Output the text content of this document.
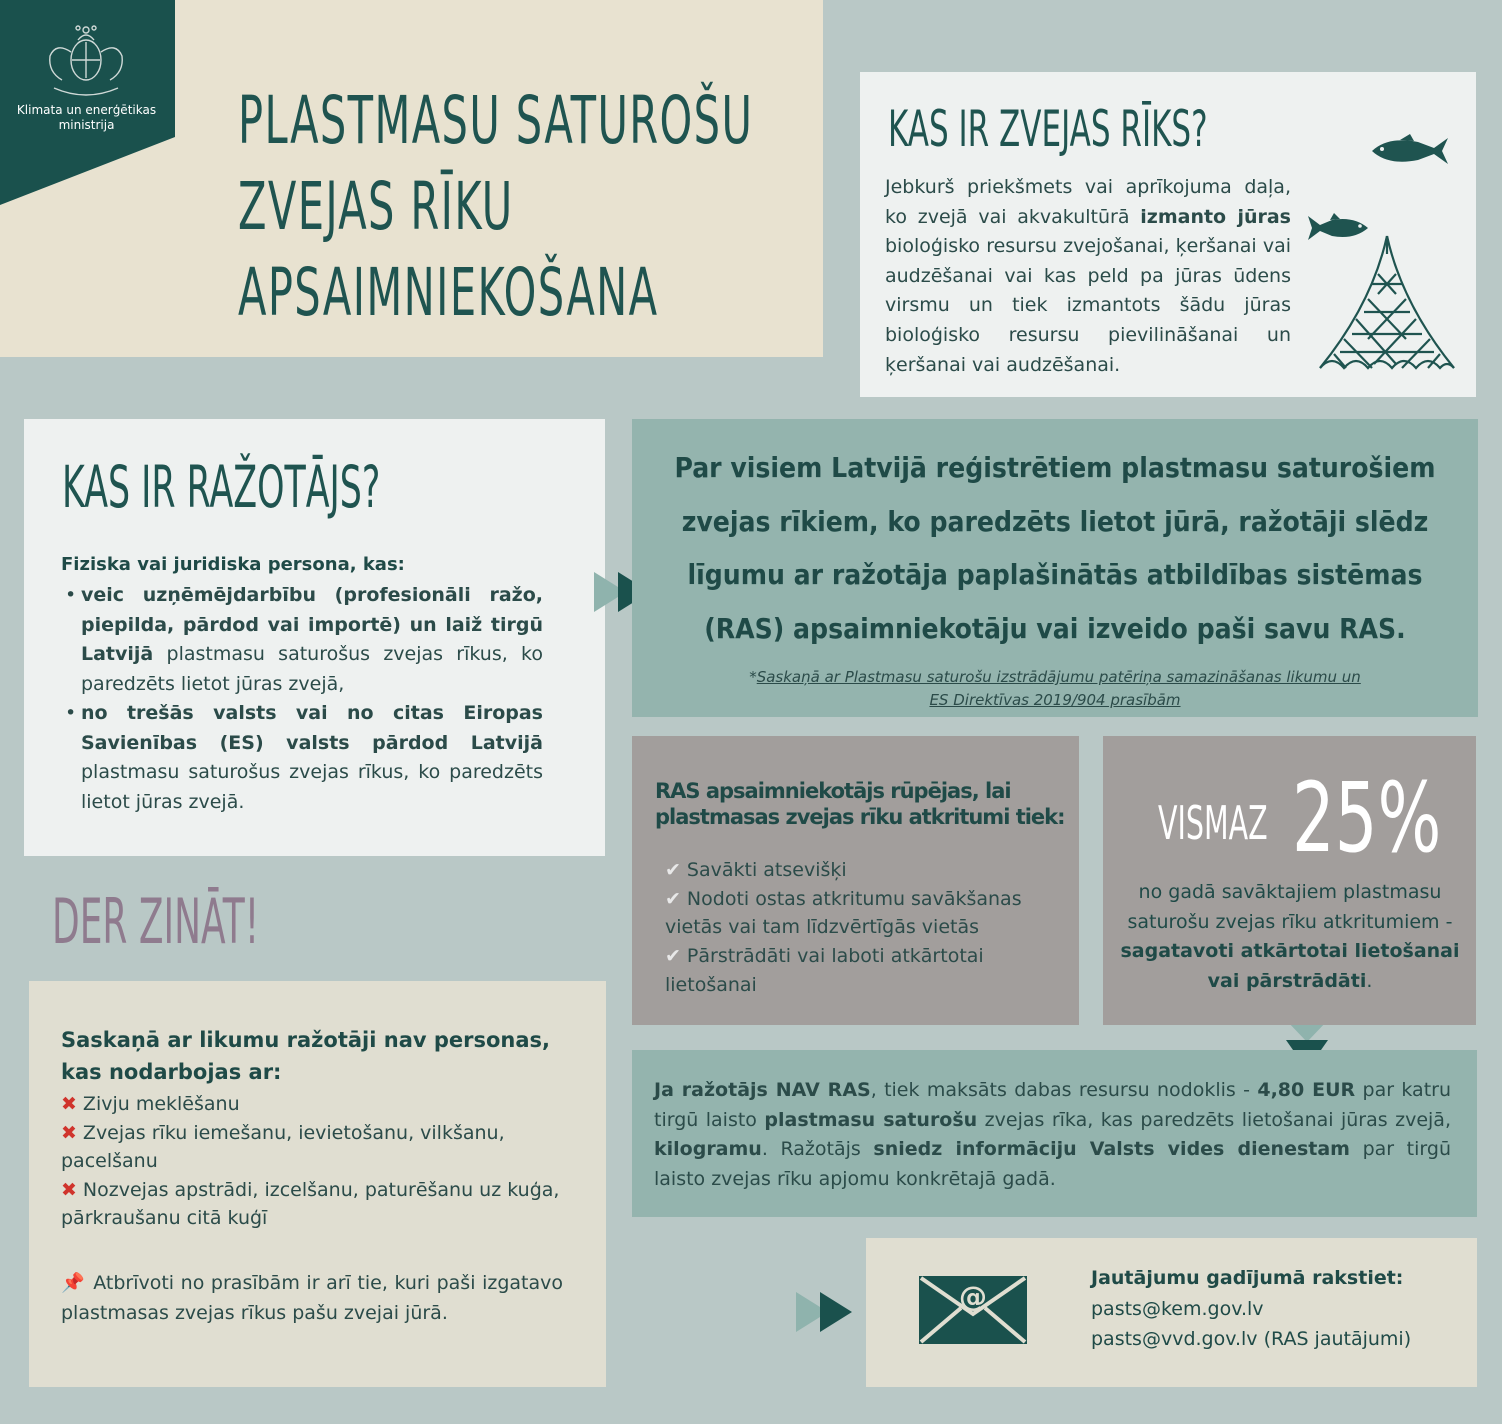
Klimata un enerģētikas ministrija	PLASTMASU SATUROŠU
ZVEJAS RĪKU
APSAIMNIEKOŠANA
KAS IR ZVEJAS RĪKS?
Jebkurš priekšmets vai aprīkojuma daļa, ko zvejā vai akvakultūrā izmanto jūras bioloģisko resursu zvejošanai, ķeršanai vai audzēšanai vai kas peld pa jūras ūdens virsmu un tiek izmantots šādu jūras bioloģisko resursu pievilināšanai un ķeršanai vai audzēšanai.
KAS IR RAŽOTĀJS?
Fiziska vai juridiska persona, kas:
• veic uzņēmējdarbību (profesionāli ražo, piepilda, pārdod vai importē) un laiž tirgū Latvijā plastmasu saturošus zvejas rīkus, ko paredzēts lietot jūras zvejā,
• no trešās valsts vai no citas Eiropas Savienības (ES) valsts pārdod Latvijā plastmasu saturošus zvejas rīkus, ko paredzēts lietot jūras zvejā.
DER ZINĀT!
Saskaņā ar likumu ražotāji nav personas, kas nodarbojas ar:
✖ Zivju meklēšanu
✖ Zvejas rīku iemešanu, ievietošanu, vilkšanu, pacelšanu
✖ Nozvejas apstrādi, izcelšanu, paturēšanu uz kuģa, pārkraušanu citā kuģī
📌 Atbrīvoti no prasībām ir arī tie, kuri paši izgatavo plastmasas zvejas rīkus pašu zvejai jūrā.
Par visiem Latvijā reģistrētiem plastmasu saturošiem zvejas rīkiem, ko paredzēts lietot jūrā, ražotāji slēdz līgumu ar ražotāja paplašinātās atbildības sistēmas (RAS) apsaimniekotāju vai izveido paši savu RAS.
*Saskaņā ar Plastmasu saturošu izstrādājumu patēriņa samazināšanas likumu un
ES Direktīvas 2019/904 prasībām
RAS apsaimniekotājs rūpējas, lai plastmasas zvejas rīku atkritumi tiek:
✔ Savākti atsevišķi
✔ Nodoti ostas atkritumu savākšanas vietās vai tam līdzvērtīgās vietās
✔ Pārstrādāti vai laboti atkārtotai lietošanai
VISMAZ 25%
no gadā savāktajiem plastmasu saturošu zvejas rīku atkritumiem - sagatavoti atkārtotai lietošanai vai pārstrādāti.
Ja ražotājs NAV RAS, tiek maksāts dabas resursu nodoklis - 4,80 EUR par katru tirgū laisto plastmasu saturošu zvejas rīka, kas paredzēts lietošanai jūras zvejā, kilogramu. Ražotājs sniedz informāciju Valsts vides dienestam par tirgū laisto zvejas rīku apjomu konkrētajā gadā.
@
Jautājumu gadījumā rakstiet:
pasts@kem.gov.lv
pasts@vvd.gov.lv (RAS jautājumi)
